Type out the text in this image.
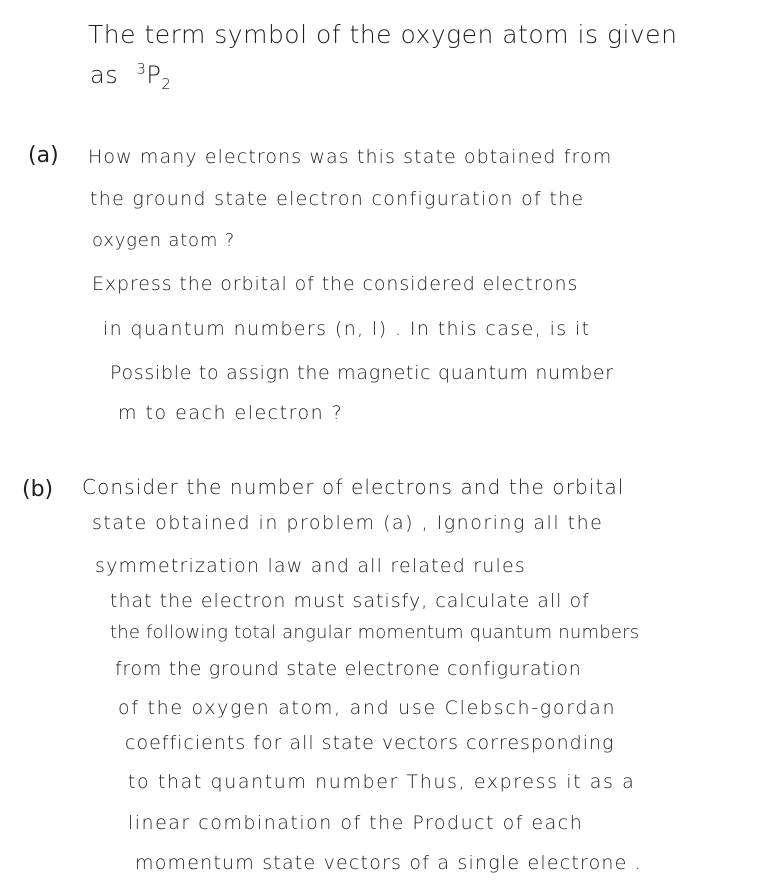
The term symbol of the oxygen atom is given
as $^3P_2$
(a) How many electrons was this state obtained from
the ground state electron configuration of the
oxygen atom ?
Express the orbital of the considered electrons
in quantum numbers (n, l) . In this case, is it
Possible to assign the magnetic quantum number
m to each electron ?
(b) Consider the number of electrons and the orbital
state obtained in problem (a) , Ignoring all the
symmetrization law and all related rules
that the electron must satisfy, calculate all of
the following total angular momentum quantum numbers
from the ground state electrone configuration
of the oxygen atom, and use Clebsch-gordan
coefficients for all state vectors corresponding
to that quantum number Thus, express it as a
linear combination of the Product of each
momentum state vectors of a single electrone .
